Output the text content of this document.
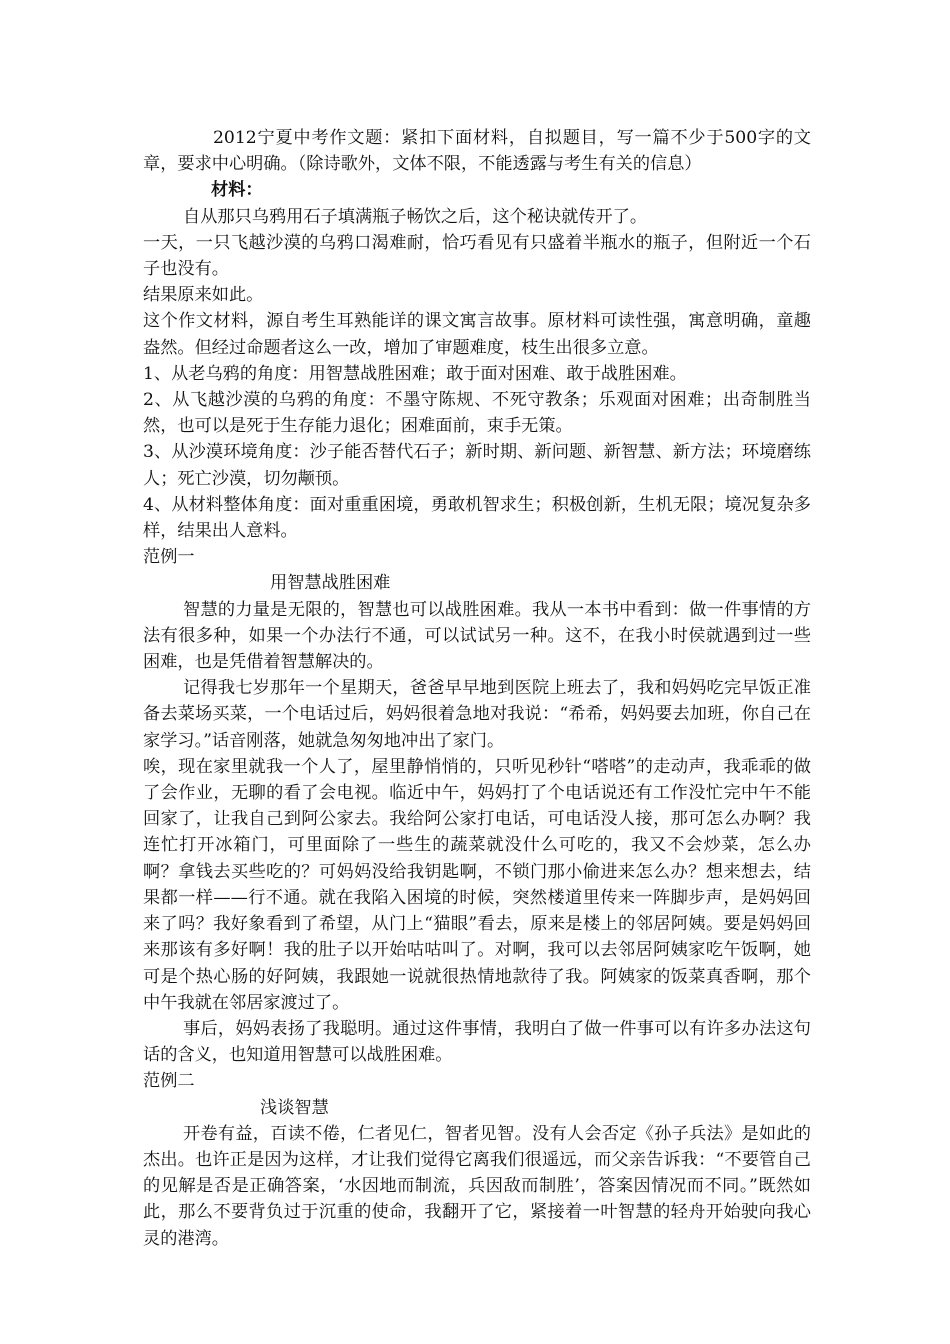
2012宁夏中考作文题：紧扣下面材料，自拟题目，写一篇不少于500字的文章，要求中心明确。（除诗歌外，文体不限，不能透露与考生有关的信息）

材料：

自从那只乌鸦用石子填满瓶子畅饮之后，这个秘诀就传开了。

一天，一只飞越沙漠的乌鸦口渴难耐，恰巧看见有只盛着半瓶水的瓶子，但附近一个石子也没有。

结果原来如此。

这个作文材料，源自考生耳熟能详的课文寓言故事。原材料可读性强，寓意明确，童趣盎然。但经过命题者这么一改，增加了审题难度，枝生出很多立意。

1、从老乌鸦的角度：用智慧战胜困难；敢于面对困难、敢于战胜困难。

2、从飞越沙漠的乌鸦的角度：不墨守陈规、不死守教条；乐观面对困难；出奇制胜当然，也可以是死于生存能力退化；困难面前，束手无策。

3、从沙漠环境角度：沙子能否替代石子；新时期、新问题、新智慧、新方法；环境磨练人；死亡沙漠，切勿颟顸。

4、从材料整体角度：面对重重困境，勇敢机智求生；积极创新，生机无限；境况复杂多样，结果出人意料。

范例一

用智慧战胜困难

智慧的力量是无限的，智慧也可以战胜困难。我从一本书中看到：做一件事情的方法有很多种，如果一个办法行不通，可以试试另一种。这不，在我小时侯就遇到过一些困难，也是凭借着智慧解决的。

记得我七岁那年一个星期天，爸爸早早地到医院上班去了，我和妈妈吃完早饭正准备去菜场买菜，一个电话过后，妈妈很着急地对我说：“希希，妈妈要去加班，你自己在家学习。”话音刚落，她就急匆匆地冲出了家门。

唉，现在家里就我一个人了，屋里静悄悄的，只听见秒针“嗒嗒”的走动声，我乖乖的做了会作业，无聊的看了会电视。临近中午，妈妈打了个电话说还有工作没忙完中午不能回家了，让我自己到阿公家去。我给阿公家打电话，可电话没人接，那可怎么办啊？我连忙打开冰箱门，可里面除了一些生的蔬菜就没什么可吃的，我又不会炒菜，怎么办啊？拿钱去买些吃的？可妈妈没给我钥匙啊，不锁门那小偷进来怎么办？想来想去，结果都一样——行不通。就在我陷入困境的时候，突然楼道里传来一阵脚步声，是妈妈回来了吗？我好象看到了希望，从门上“猫眼”看去，原来是楼上的邻居阿姨。要是妈妈回来那该有多好啊！我的肚子以开始咕咕叫了。对啊，我可以去邻居阿姨家吃午饭啊，她可是个热心肠的好阿姨，我跟她一说就很热情地款待了我。阿姨家的饭菜真香啊，那个中午我就在邻居家渡过了。

事后，妈妈表扬了我聪明。通过这件事情，我明白了做一件事可以有许多办法这句话的含义，也知道用智慧可以战胜困难。

范例二

浅谈智慧

开卷有益，百读不倦，仁者见仁，智者见智。没有人会否定《孙子兵法》是如此的杰出。也许正是因为这样，才让我们觉得它离我们很遥远，而父亲告诉我：“不要管自己的见解是否是正确答案，‘水因地而制流，兵因敌而制胜’，答案因情况而不同。”既然如此，那么不要背负过于沉重的使命，我翻开了它，紧接着一叶智慧的轻舟开始驶向我心灵的港湾。
